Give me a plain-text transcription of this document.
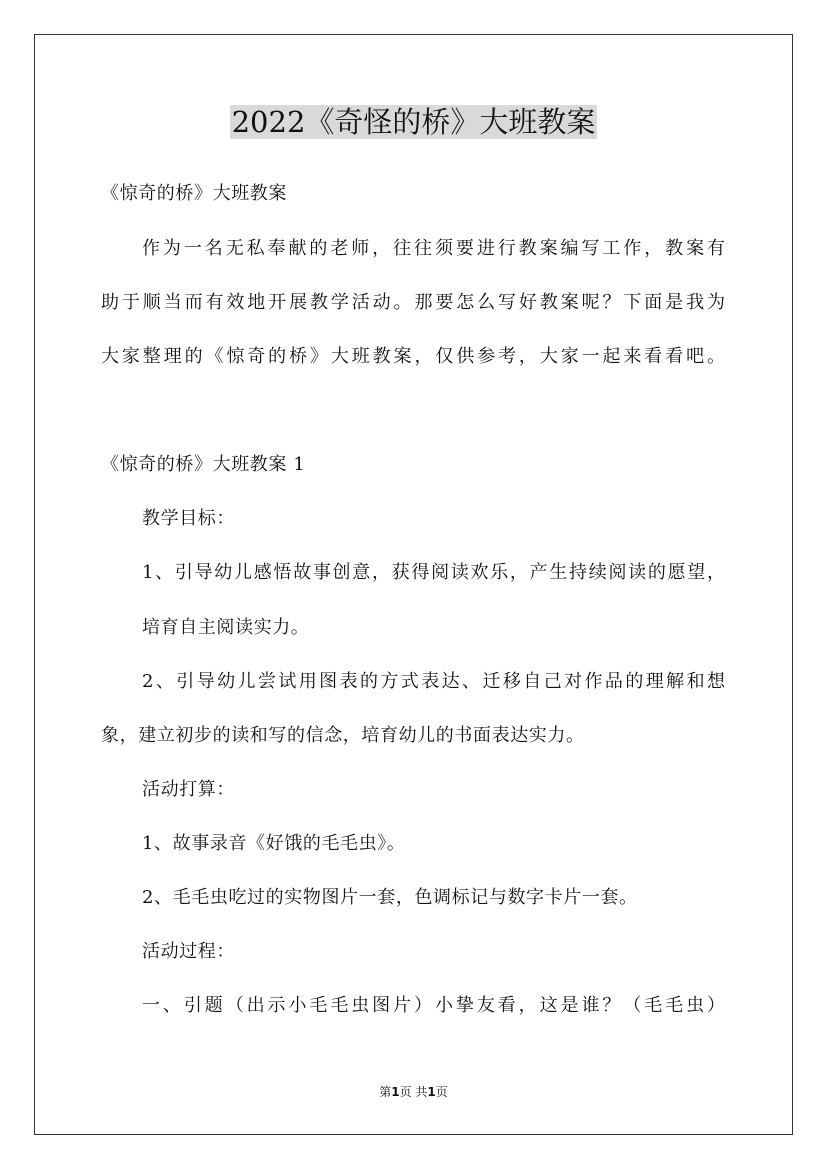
2022《奇怪的桥》大班教案
《惊奇的桥》大班教案
作为一名无私奉献的老师，往往须要进行教案编写工作，教案有
助于顺当而有效地开展教学活动。那要怎么写好教案呢？下面是我为
大家整理的《惊奇的桥》大班教案，仅供参考，大家一起来看看吧。
《惊奇的桥》大班教案 1
教学目标：
1、引导幼儿感悟故事创意，获得阅读欢乐，产生持续阅读的愿望，
培育自主阅读实力。
2、引导幼儿尝试用图表的方式表达、迁移自己对作品的理解和想
象，建立初步的读和写的信念，培育幼儿的书面表达实力。
活动打算：
1、故事录音《好饿的毛毛虫》。
2、毛毛虫吃过的实物图片一套，色调标记与数字卡片一套。
活动过程：
一、引题（出示小毛毛虫图片）小挚友看，这是谁？（毛毛虫）
第1页 共1页
